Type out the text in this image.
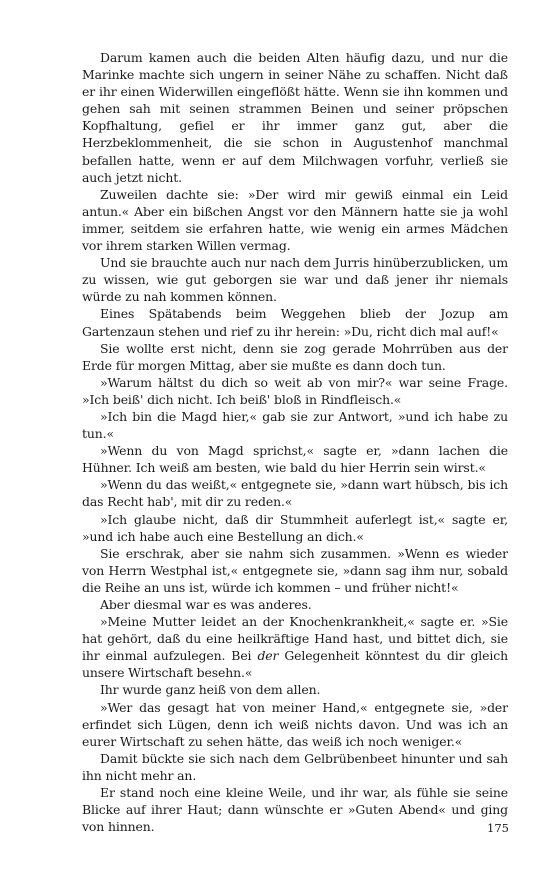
Darum kamen auch die beiden Alten häufig dazu, und nur die Marinke machte sich ungern in seiner Nähe zu schaffen. Nicht daß er ihr einen Widerwillen eingeflößt hätte. Wenn sie ihn kommen und gehen sah mit seinen strammen Beinen und seiner pröpschen Kopfhaltung, gefiel er ihr immer ganz gut, aber die Herzbeklommenheit, die sie schon in Augustenhof manchmal befallen hatte, wenn er auf dem Milchwagen vorfuhr, verließ sie auch jetzt nicht.

Zuweilen dachte sie: »Der wird mir gewiß einmal ein Leid antun.« Aber ein bißchen Angst vor den Männern hatte sie ja wohl immer, seitdem sie erfahren hatte, wie wenig ein armes Mädchen vor ihrem starken Willen vermag.

Und sie brauchte auch nur nach dem Jurris hinüberzublicken, um zu wissen, wie gut geborgen sie war und daß jener ihr niemals würde zu nah kommen können.

Eines Spätabends beim Weggehen blieb der Jozup am Gartenzaun stehen und rief zu ihr herein: »Du, richt dich mal auf!«

Sie wollte erst nicht, denn sie zog gerade Mohrrüben aus der Erde für morgen Mittag, aber sie mußte es dann doch tun.

»Warum hältst du dich so weit ab von mir?« war seine Frage. »Ich beiß' dich nicht. Ich beiß' bloß in Rindfleisch.«

»Ich bin die Magd hier,« gab sie zur Antwort, »und ich habe zu tun.«

»Wenn du von Magd sprichst,« sagte er, »dann lachen die Hühner. Ich weiß am besten, wie bald du hier Herrin sein wirst.«

»Wenn du das weißt,« entgegnete sie, »dann wart hübsch, bis ich das Recht hab', mit dir zu reden.«

»Ich glaube nicht, daß dir Stummheit auferlegt ist,« sagte er, »und ich habe auch eine Bestellung an dich.«

Sie erschrak, aber sie nahm sich zusammen. »Wenn es wieder von Herrn Westphal ist,« entgegnete sie, »dann sag ihm nur, sobald die Reihe an uns ist, würde ich kommen – und früher nicht!«

Aber diesmal war es was anderes.

»Meine Mutter leidet an der Knochenkrankheit,« sagte er. »Sie hat gehört, daß du eine heilkräftige Hand hast, und bittet dich, sie ihr einmal aufzulegen. Bei der Gelegenheit könntest du dir gleich unsere Wirtschaft besehn.«

Ihr wurde ganz heiß von dem allen.

»Wer das gesagt hat von meiner Hand,« entgegnete sie, »der erfindet sich Lügen, denn ich weiß nichts davon. Und was ich an eurer Wirtschaft zu sehen hätte, das weiß ich noch weniger.«

Damit bückte sie sich nach dem Gelbrübenbeet hinunter und sah ihn nicht mehr an.

Er stand noch eine kleine Weile, und ihr war, als fühle sie seine Blicke auf ihrer Haut; dann wünschte er »Guten Abend« und ging von hinnen.	175
